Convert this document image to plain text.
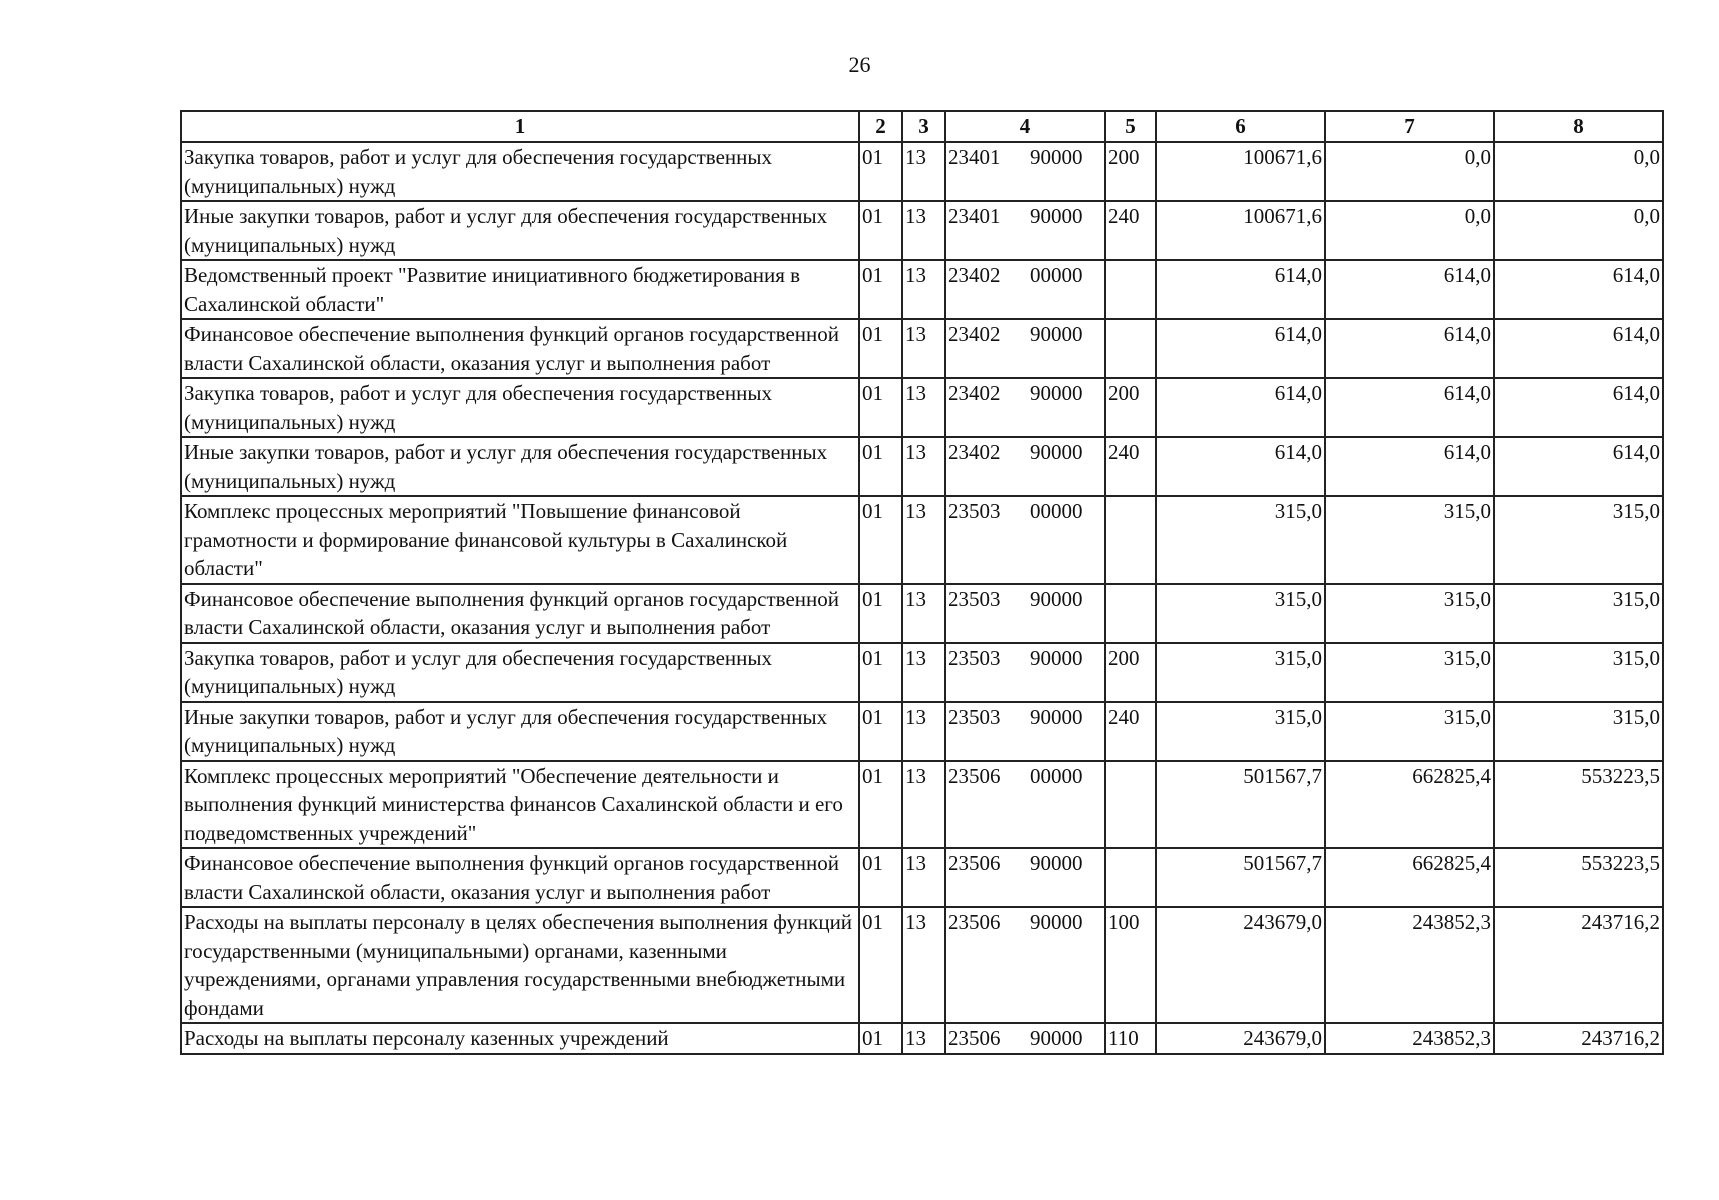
26
1	2	3	4	5	6	7	8
Закупка товаров, работ и услуг для обеспечения государственных (муниципальных) нужд	01	13	23401 90000	200	100671,6	0,0	0,0
Иные закупки товаров, работ и услуг для обеспечения государственных (муниципальных) нужд	01	13	23401 90000	240	100671,6	0,0	0,0
Ведомственный проект "Развитие инициативного бюджетирования в Сахалинской области"	01	13	23402 00000		614,0	614,0	614,0
Финансовое обеспечение выполнения функций органов государственной власти Сахалинской области, оказания услуг и выполнения работ	01	13	23402 90000		614,0	614,0	614,0
Закупка товаров, работ и услуг для обеспечения государственных (муниципальных) нужд	01	13	23402 90000	200	614,0	614,0	614,0
Иные закупки товаров, работ и услуг для обеспечения государственных (муниципальных) нужд	01	13	23402 90000	240	614,0	614,0	614,0
Комплекс процессных мероприятий "Повышение финансовой грамотности и формирование финансовой культуры в Сахалинской области"	01	13	23503 00000		315,0	315,0	315,0
Финансовое обеспечение выполнения функций органов государственной власти Сахалинской области, оказания услуг и выполнения работ	01	13	23503 90000		315,0	315,0	315,0
Закупка товаров, работ и услуг для обеспечения государственных (муниципальных) нужд	01	13	23503 90000	200	315,0	315,0	315,0
Иные закупки товаров, работ и услуг для обеспечения государственных (муниципальных) нужд	01	13	23503 90000	240	315,0	315,0	315,0
Комплекс процессных мероприятий "Обеспечение деятельности и выполнения функций министерства финансов Сахалинской области и его подведомственных учреждений"	01	13	23506 00000		501567,7	662825,4	553223,5
Финансовое обеспечение выполнения функций органов государственной власти Сахалинской области, оказания услуг и выполнения работ	01	13	23506 90000		501567,7	662825,4	553223,5
Расходы на выплаты персоналу в целях обеспечения выполнения функций государственными (муниципальными) органами, казенными учреждениями, органами управления государственными внебюджетными фондами	01	13	23506 90000	100	243679,0	243852,3	243716,2
Расходы на выплаты персоналу казенных учреждений	01	13	23506 90000	110	243679,0	243852,3	243716,2
